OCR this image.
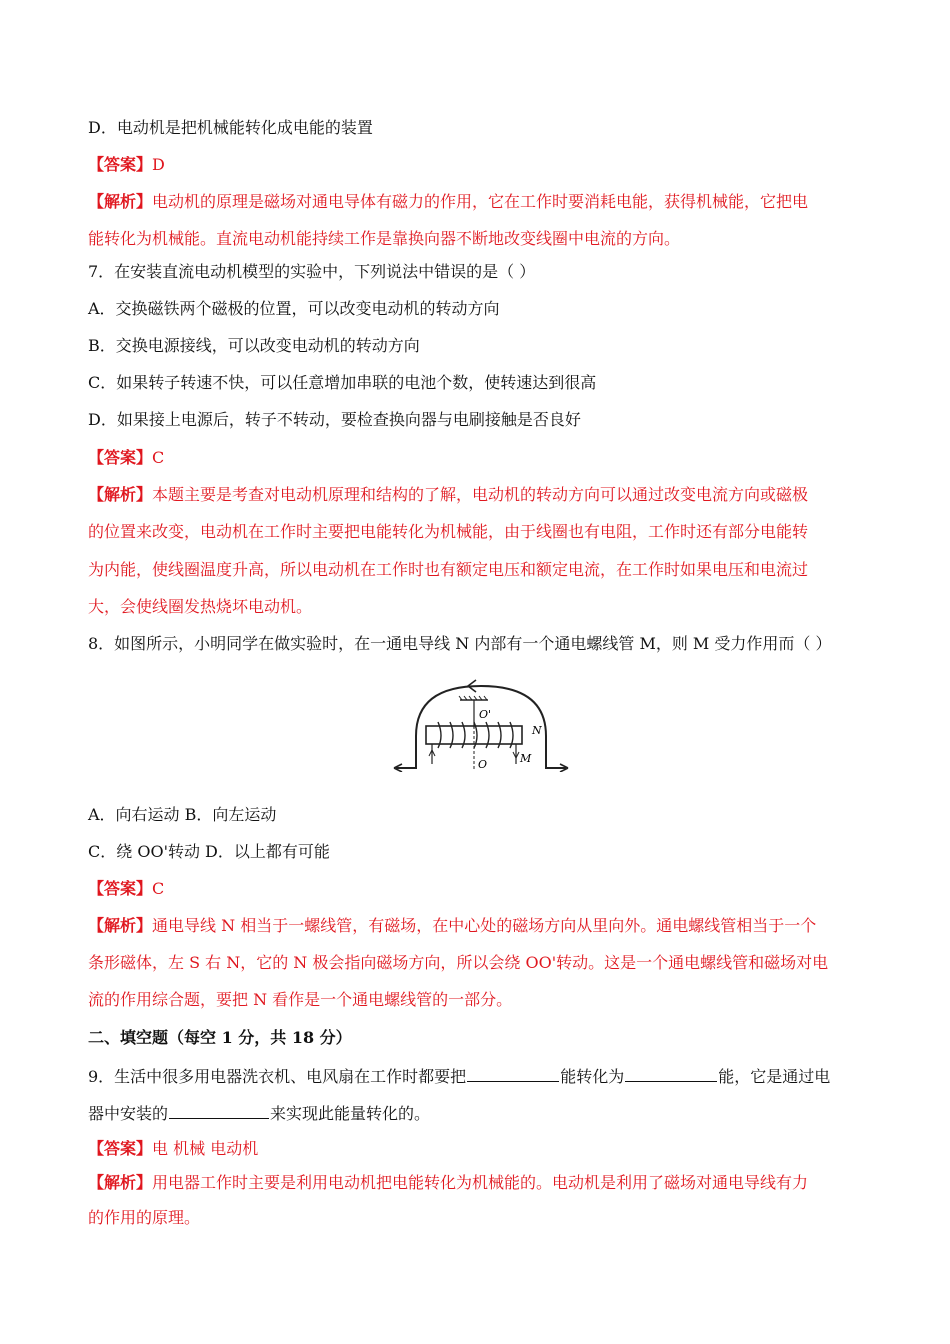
D．电动机是把机械能转化成电能的装置
【答案】D
【解析】电动机的原理是磁场对通电导体有磁力的作用，它在工作时要消耗电能，获得机械能，它把电
能转化为机械能。直流电动机能持续工作是靠换向器不断地改变线圈中电流的方向。
7．在安装直流电动机模型的实验中，下列说法中错误的是（ ）
A．交换磁铁两个磁极的位置，可以改变电动机的转动方向
B．交换电源接线，可以改变电动机的转动方向
C．如果转子转速不快，可以任意增加串联的电池个数，使转速达到很高
D．如果接上电源后，转子不转动，要检查换向器与电刷接触是否良好
【答案】C
【解析】本题主要是考查对电动机原理和结构的了解，电动机的转动方向可以通过改变电流方向或磁极
的位置来改变，电动机在工作时主要把电能转化为机械能，由于线圈也有电阻，工作时还有部分电能转
为内能，使线圈温度升高，所以电动机在工作时也有额定电压和额定电流，在工作时如果电压和电流过
大，会使线圈发热烧坏电动机。
8．如图所示，小明同学在做实验时，在一通电导线 N 内部有一个通电螺线管 M，则 M 受力作用而（ ）
O'
O
N
M
A．向右运动 B．向左运动
C．绕 OO'转动 D．以上都有可能
【答案】C
【解析】通电导线 N 相当于一螺线管，有磁场，在中心处的磁场方向从里向外。通电螺线管相当于一个
条形磁体，左 S 右 N，它的 N 极会指向磁场方向，所以会绕 OO'转动。这是一个通电螺线管和磁场对电
流的作用综合题，要把 N 看作是一个通电螺线管的一部分。
二、填空题（每空 1 分，共 18 分）
9．生活中很多用电器洗衣机、电风扇在工作时都要把	能转化为	能，它是通过电
器中安装的	来实现此能量转化的。
【答案】电 机械 电动机
【解析】用电器工作时主要是利用电动机把电能转化为机械能的。电动机是利用了磁场对通电导线有力
的作用的原理。
